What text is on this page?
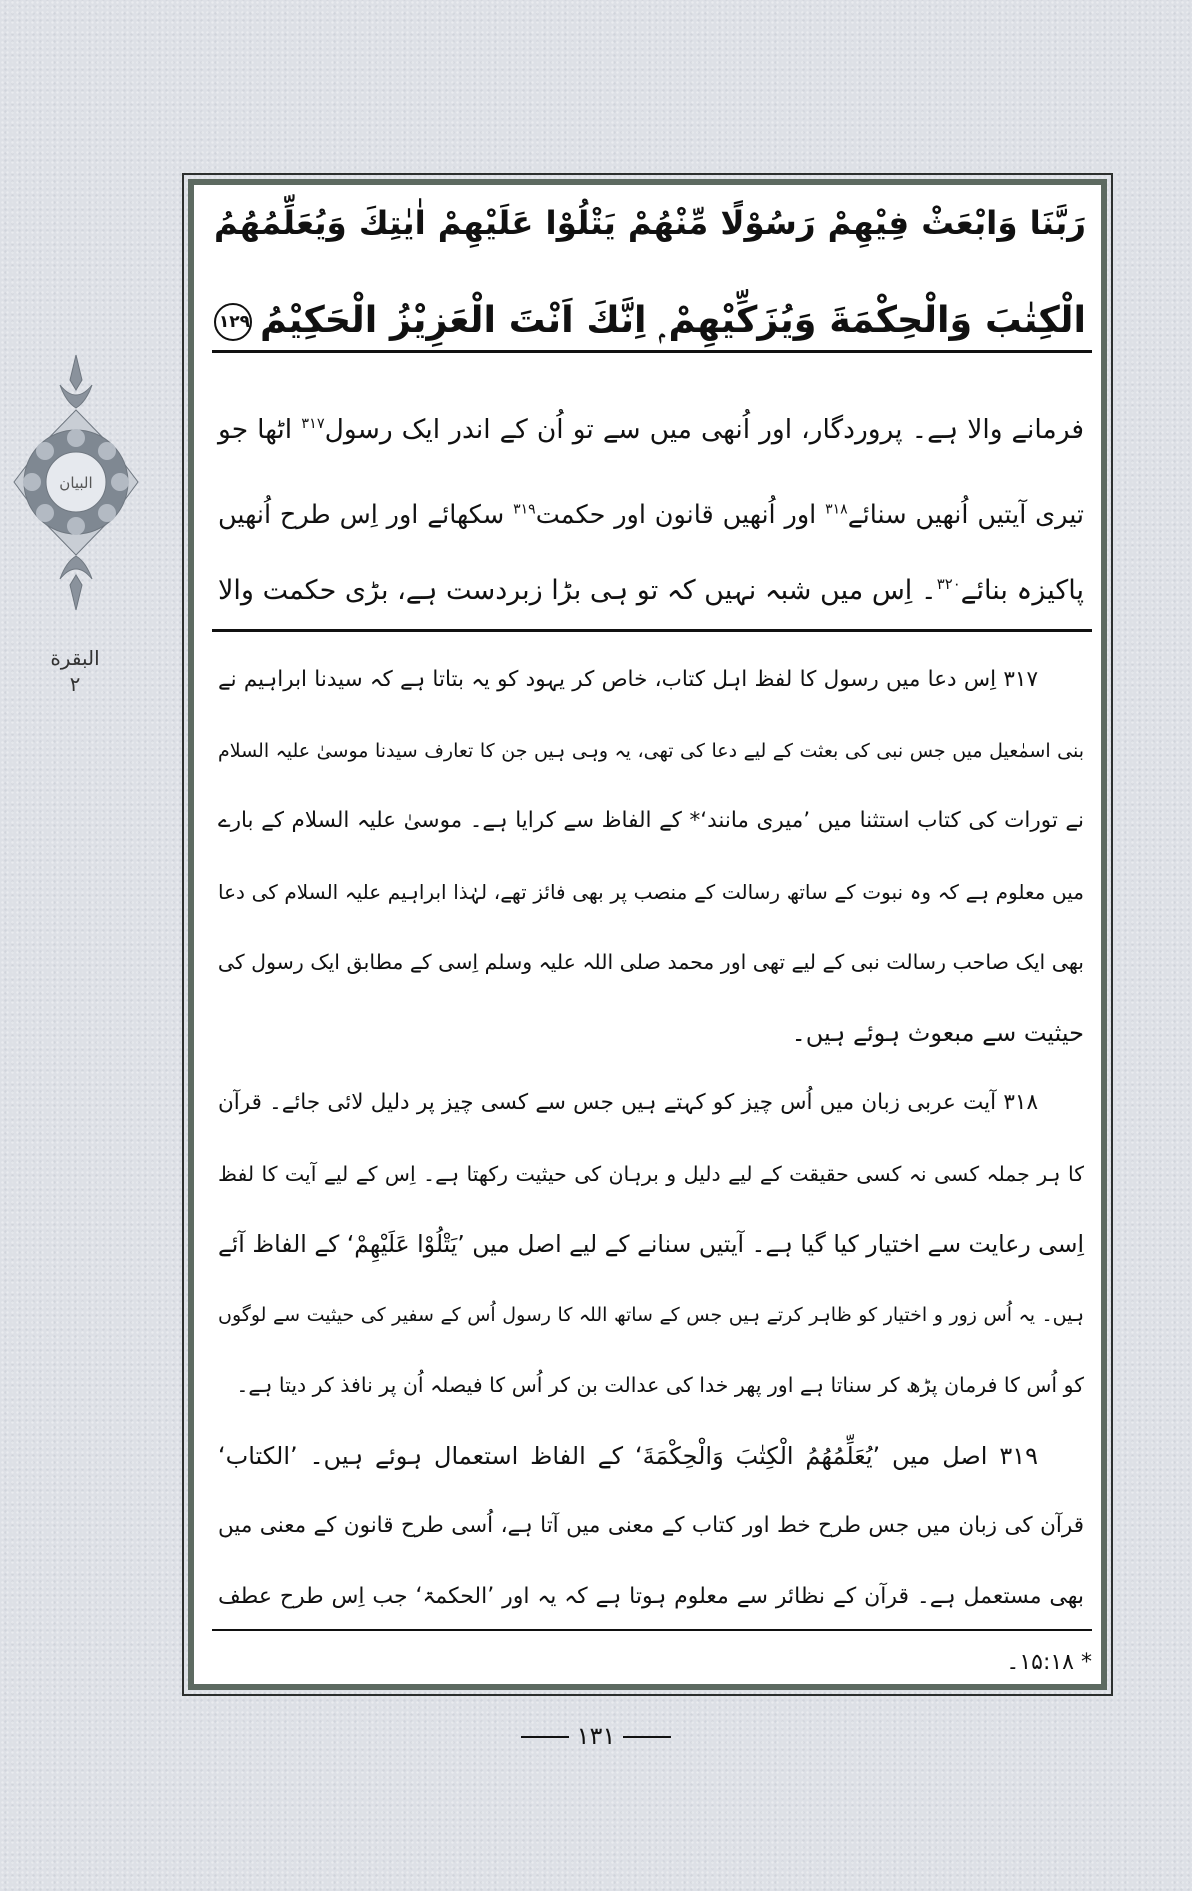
البیان
البقرة
۲
رَبَّنَا وَابْعَثْ فِيْهِمْ رَسُوْلًا مِّنْهُمْ يَتْلُوْا عَلَيْهِمْ اٰيٰتِكَ وَيُعَلِّمُهُمُ
الْكِتٰبَ وَالْحِكْمَةَ وَيُزَكِّيْهِمْ ۭ اِنَّكَ اَنْتَ الْعَزِيْزُ الْحَكِيْمُ۱۲۹
فرمانے والا ہے۔ پروردگار، اور اُنھی میں سے تو اُن کے اندر ایک رسول$^{۳۱۷}$ اٹھا جو
تیری آیتیں اُنھیں سنائے$^{۳۱۸}$ اور اُنھیں قانون اور حکمت$^{۳۱۹}$ سکھائے اور اِس طرح اُنھیں
پاکیزہ بنائے$^{۳۲۰}$۔ اِس میں شبہ نہیں کہ تو ہی بڑا زبردست ہے، بڑی حکمت والا
۳۱۷ اِس دعا میں رسول کا لفظ اہل کتاب، خاص کر یہود کو یہ بتاتا ہے کہ سیدنا ابراہیم نے
بنی اسمٰعیل میں جس نبی کی بعثت کے لیے دعا کی تھی، یہ وہی ہیں جن کا تعارف سیدنا موسیٰ علیہ السلام
نے تورات کی کتاب استثنا میں ’میری مانند‘* کے الفاظ سے کرایا ہے۔ موسیٰ علیہ السلام کے بارے
میں معلوم ہے کہ وہ نبوت کے ساتھ رسالت کے منصب پر بھی فائز تھے، لہٰذا ابراہیم علیہ السلام کی دعا
بھی ایک صاحب رسالت نبی کے لیے تھی اور محمد صلی اللہ علیہ وسلم اِسی کے مطابق ایک رسول کی
حیثیت سے مبعوث ہوئے ہیں۔
۳۱۸ آیت عربی زبان میں اُس چیز کو کہتے ہیں جس سے کسی چیز پر دلیل لائی جائے۔ قرآن
کا ہر جملہ کسی نہ کسی حقیقت کے لیے دلیل و برہان کی حیثیت رکھتا ہے۔ اِس کے لیے آیت کا لفظ
اِسی رعایت سے اختیار کیا گیا ہے۔ آیتیں سنانے کے لیے اصل میں ’یَتْلُوْا عَلَيْهِمْ‘ کے الفاظ آئے
ہیں۔ یہ اُس زور و اختیار کو ظاہر کرتے ہیں جس کے ساتھ اللہ کا رسول اُس کے سفیر کی حیثیت سے لوگوں
کو اُس کا فرمان پڑھ کر سناتا ہے اور پھر خدا کی عدالت بن کر اُس کا فیصلہ اُن پر نافذ کر دیتا ہے۔
۳۱۹ اصل میں ’يُعَلِّمُهُمُ الْكِتٰبَ وَالْحِكْمَةَ‘ کے الفاظ استعمال ہوئے ہیں۔ ’الکتاب‘
قرآن کی زبان میں جس طرح خط اور کتاب کے معنی میں آتا ہے، اُسی طرح قانون کے معنی میں
بھی مستعمل ہے۔ قرآن کے نظائر سے معلوم ہوتا ہے کہ یہ اور ’الحکمۃ‘ جب اِس طرح عطف
* ۱۵:۱۸۔
۱۳۱
